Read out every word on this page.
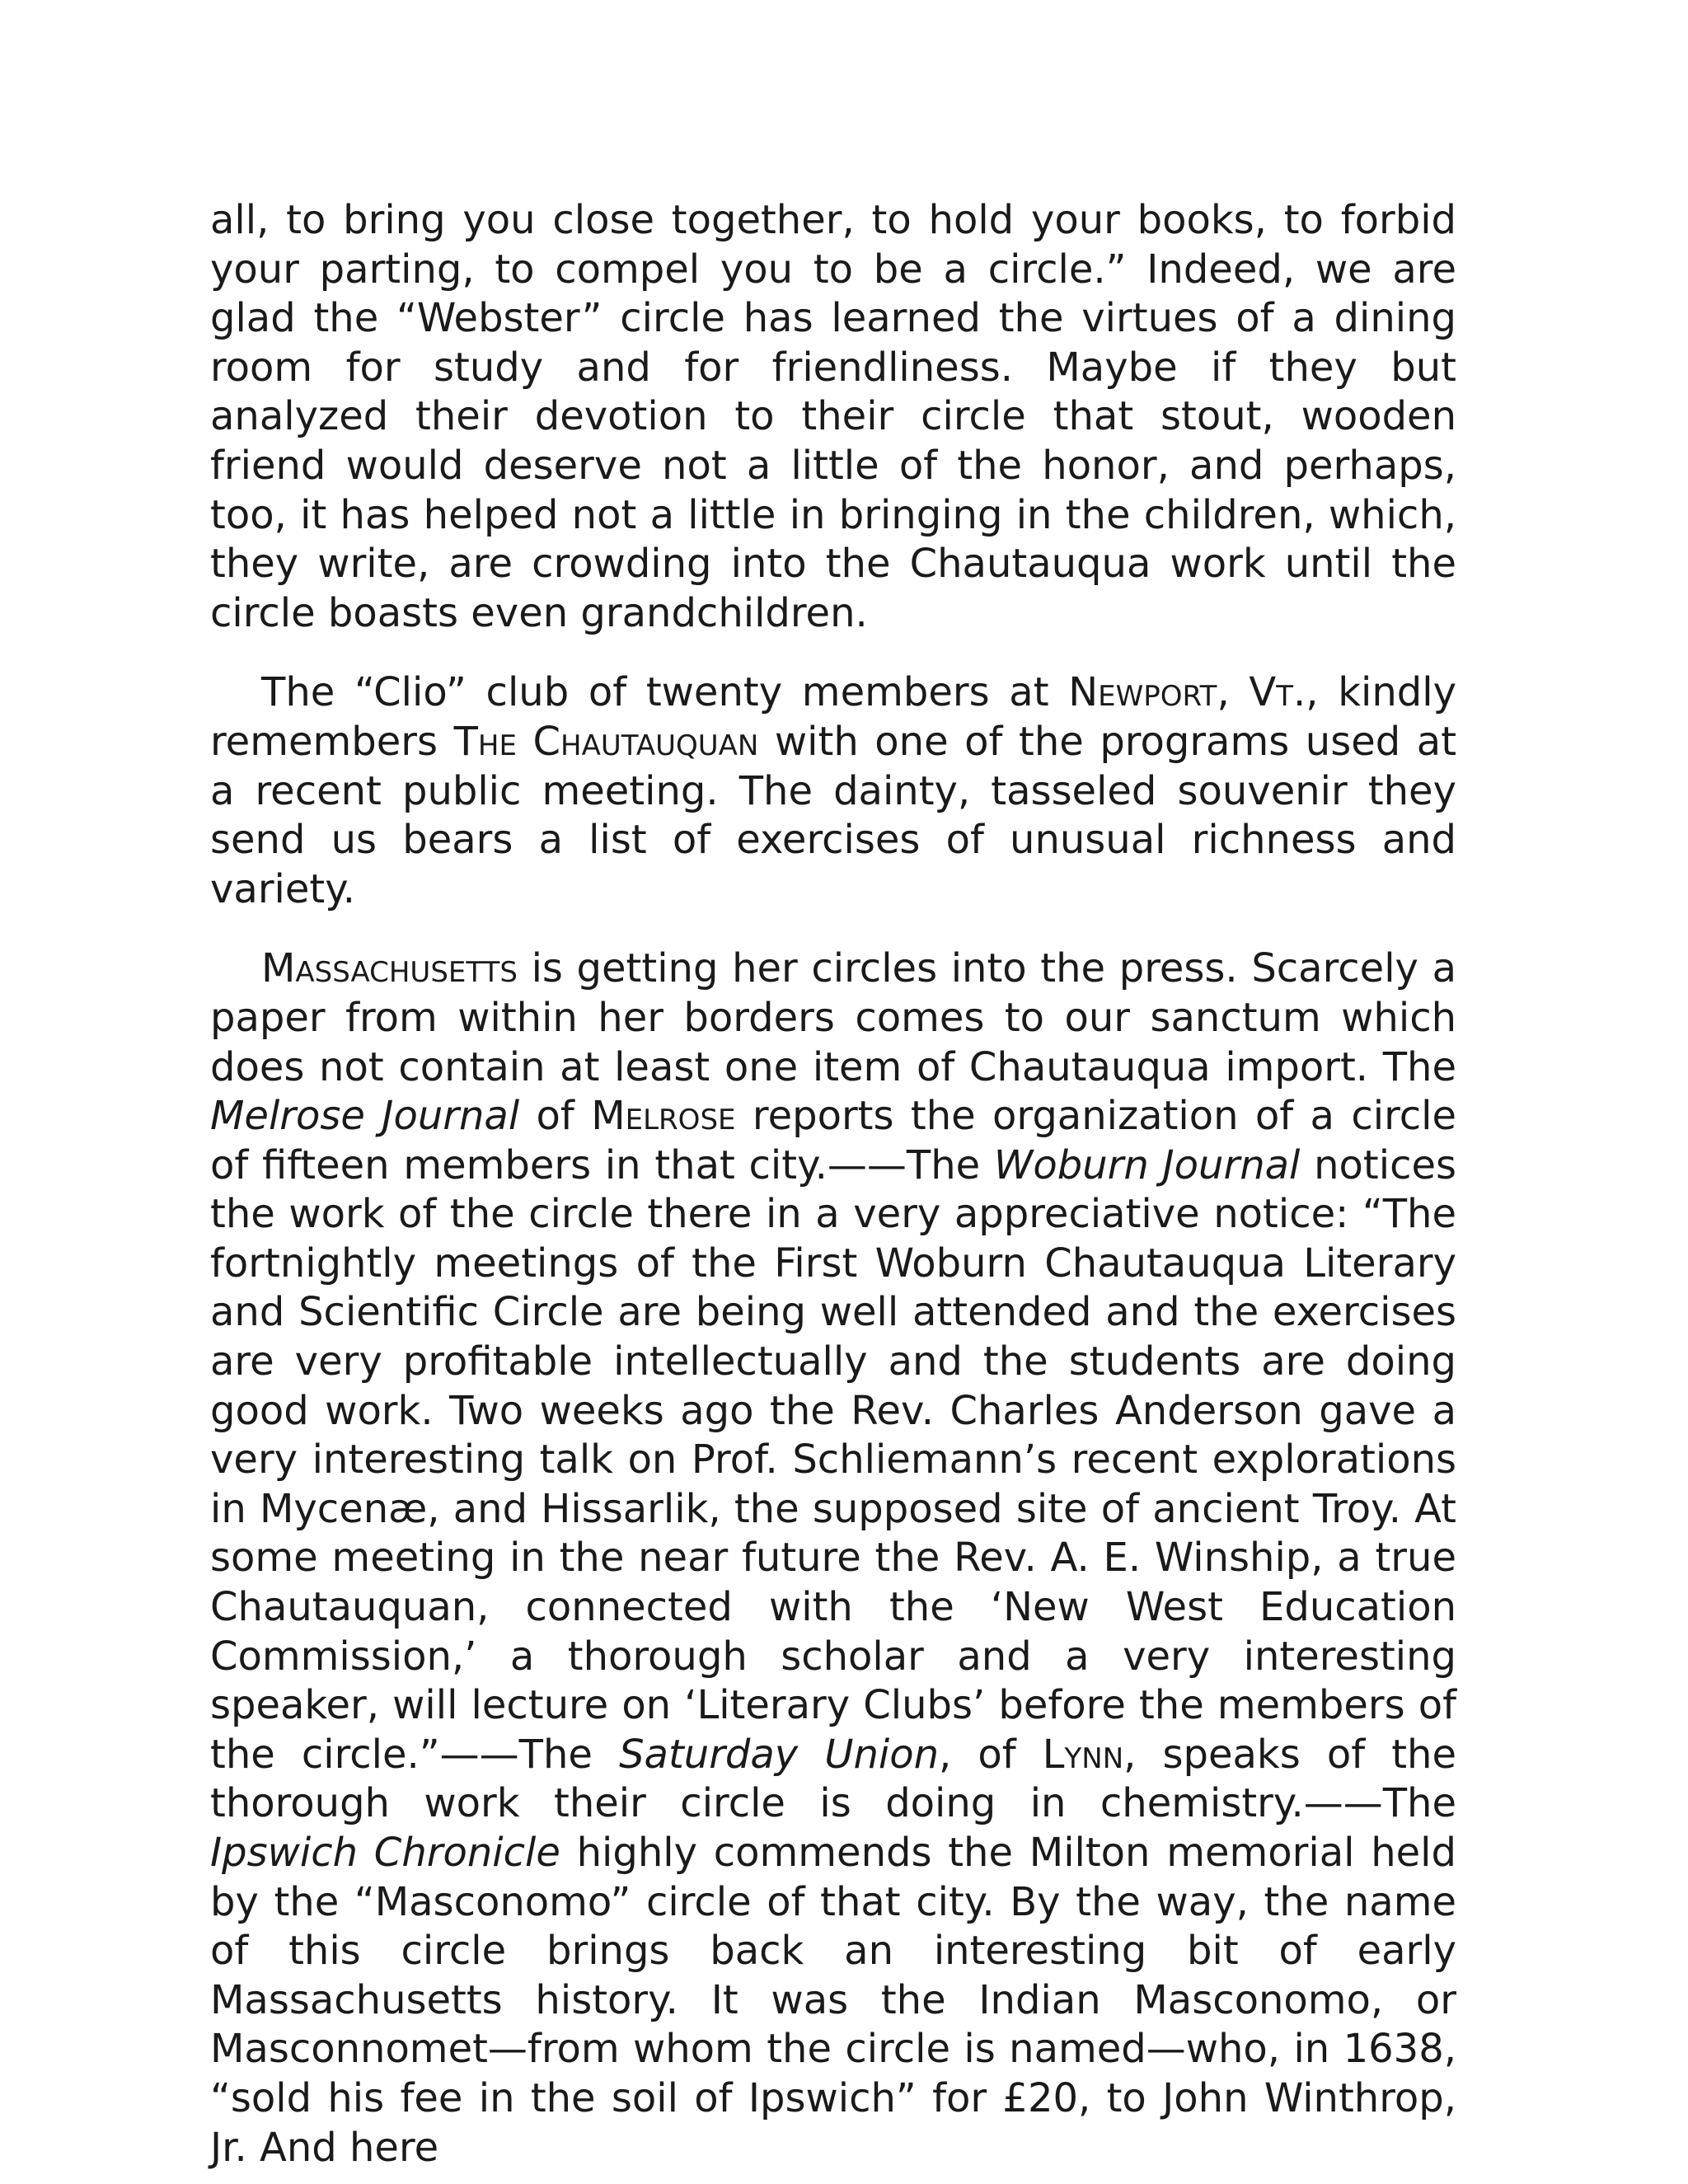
all, to bring you close together, to hold your books, to forbid your parting, to compel you to be a circle.” Indeed, we are glad the “Webster” circle has learned the virtues of a dining room for study and for friendliness. Maybe if they but analyzed their devotion to their circle that stout, wooden friend would deserve not a little of the honor, and perhaps, too, it has helped not a little in bringing in the children, which, they write, are crowding into the Chautauqua work until the circle boasts even grandchildren.

The “Clio” club of twenty members at Newport, Vt., kindly remembers The Chautauquan with one of the programs used at a recent public meeting. The dainty, tasseled souvenir they send us bears a list of exercises of unusual richness and variety.

Massachusetts is getting her circles into the press. Scarcely a paper from within her borders comes to our sanctum which does not contain at least one item of Chautauqua import. The Melrose Journal of Melrose reports the organization of a circle of fifteen members in that city.——The Woburn Journal notices the work of the circle there in a very appreciative notice: “The fortnightly meetings of the First Woburn Chautauqua Literary and Scientific Circle are being well attended and the exercises are very profitable intellectually and the students are doing good work. Two weeks ago the Rev. Charles Anderson gave a very interesting talk on Prof. Schliemann’s recent explorations in Mycenæ, and Hissarlik, the supposed site of ancient Troy. At some meeting in the near future the Rev. A. E. Winship, a true Chautauquan, connected with the ‘New West Education Commission,’ a thorough scholar and a very interesting speaker, will lecture on ‘Literary Clubs’ before the members of the circle.”——The Saturday Union, of Lynn, speaks of the thorough work their circle is doing in chemistry.——The Ipswich Chronicle highly commends the Milton memorial held by the “Masconomo” circle of that city. By the way, the name of this circle brings back an interesting bit of early Massachusetts history. It was the Indian Masconomo, or Masconnomet—from whom the circle is named—who, in 1638, “sold his fee in the soil of Ipswich” for £20, to John Winthrop, Jr. And here
